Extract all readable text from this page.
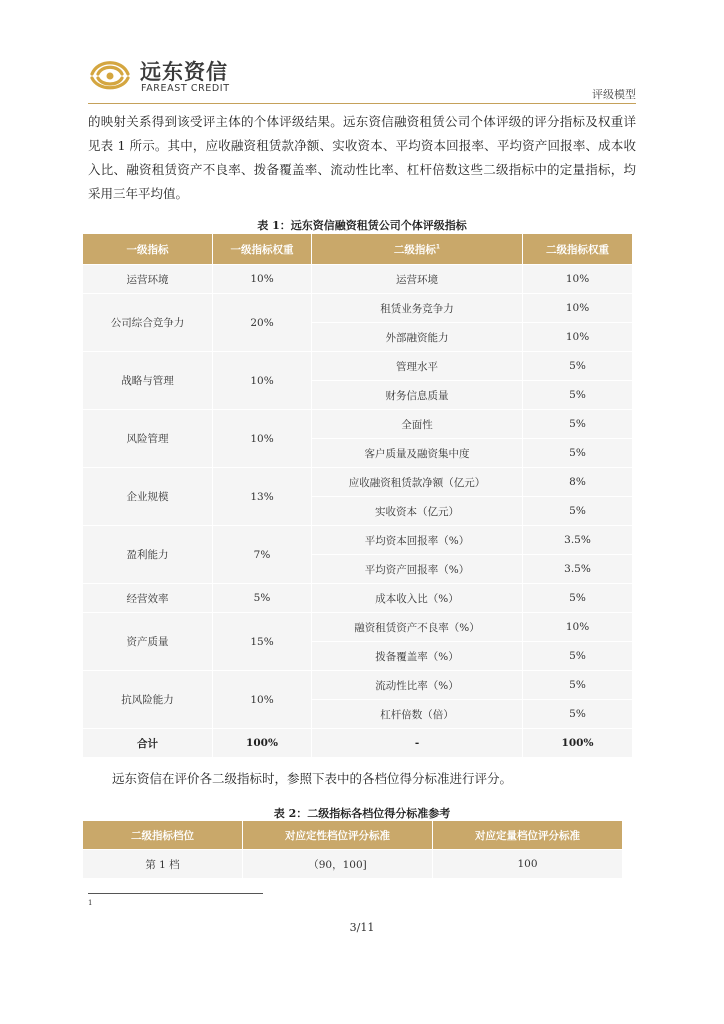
远东资信
FAREAST CREDIT	评级模型
的映射关系得到该受评主体的个体评级结果。远东资信融资租赁公司个体评级的评分指标及权重详见表 1 所示。其中，应收融资租赁款净额、实收资本、平均资本回报率、平均资产回报率、成本收入比、融资租赁资产不良率、拨备覆盖率、流动性比率、杠杆倍数这些二级指标中的定量指标，均采用三年平均值。
表 1：远东资信融资租赁公司个体评级指标
一级指标	一级指标权重	二级指标$^1$	二级指标权重
运营环境	10%	运营环境	10%
公司综合竞争力	20%	租赁业务竞争力	10%
		外部融资能力	10%
战略与管理	10%	管理水平	5%
		财务信息质量	5%
风险管理	10%	全面性	5%
		客户质量及融资集中度	5%
企业规模	13%	应收融资租赁款净额（亿元）	8%
		实收资本（亿元）	5%
盈利能力	7%	平均资本回报率（%）	3.5%
		平均资产回报率（%）	3.5%
经营效率	5%	成本收入比（%）	5%
资产质量	15%	融资租赁资产不良率（%）	10%
		拨备覆盖率（%）	5%
抗风险能力	10%	流动性比率（%）	5%
		杠杆倍数（倍）	5%
合计	100%	-	100%
远东资信在评价各二级指标时，参照下表中的各档位得分标准进行评分。
表 2：二级指标各档位得分标准参考
二级指标档位	对应定性档位评分标准	对应定量档位评分标准
第 1 档	（90，100]	100
1
3/11
